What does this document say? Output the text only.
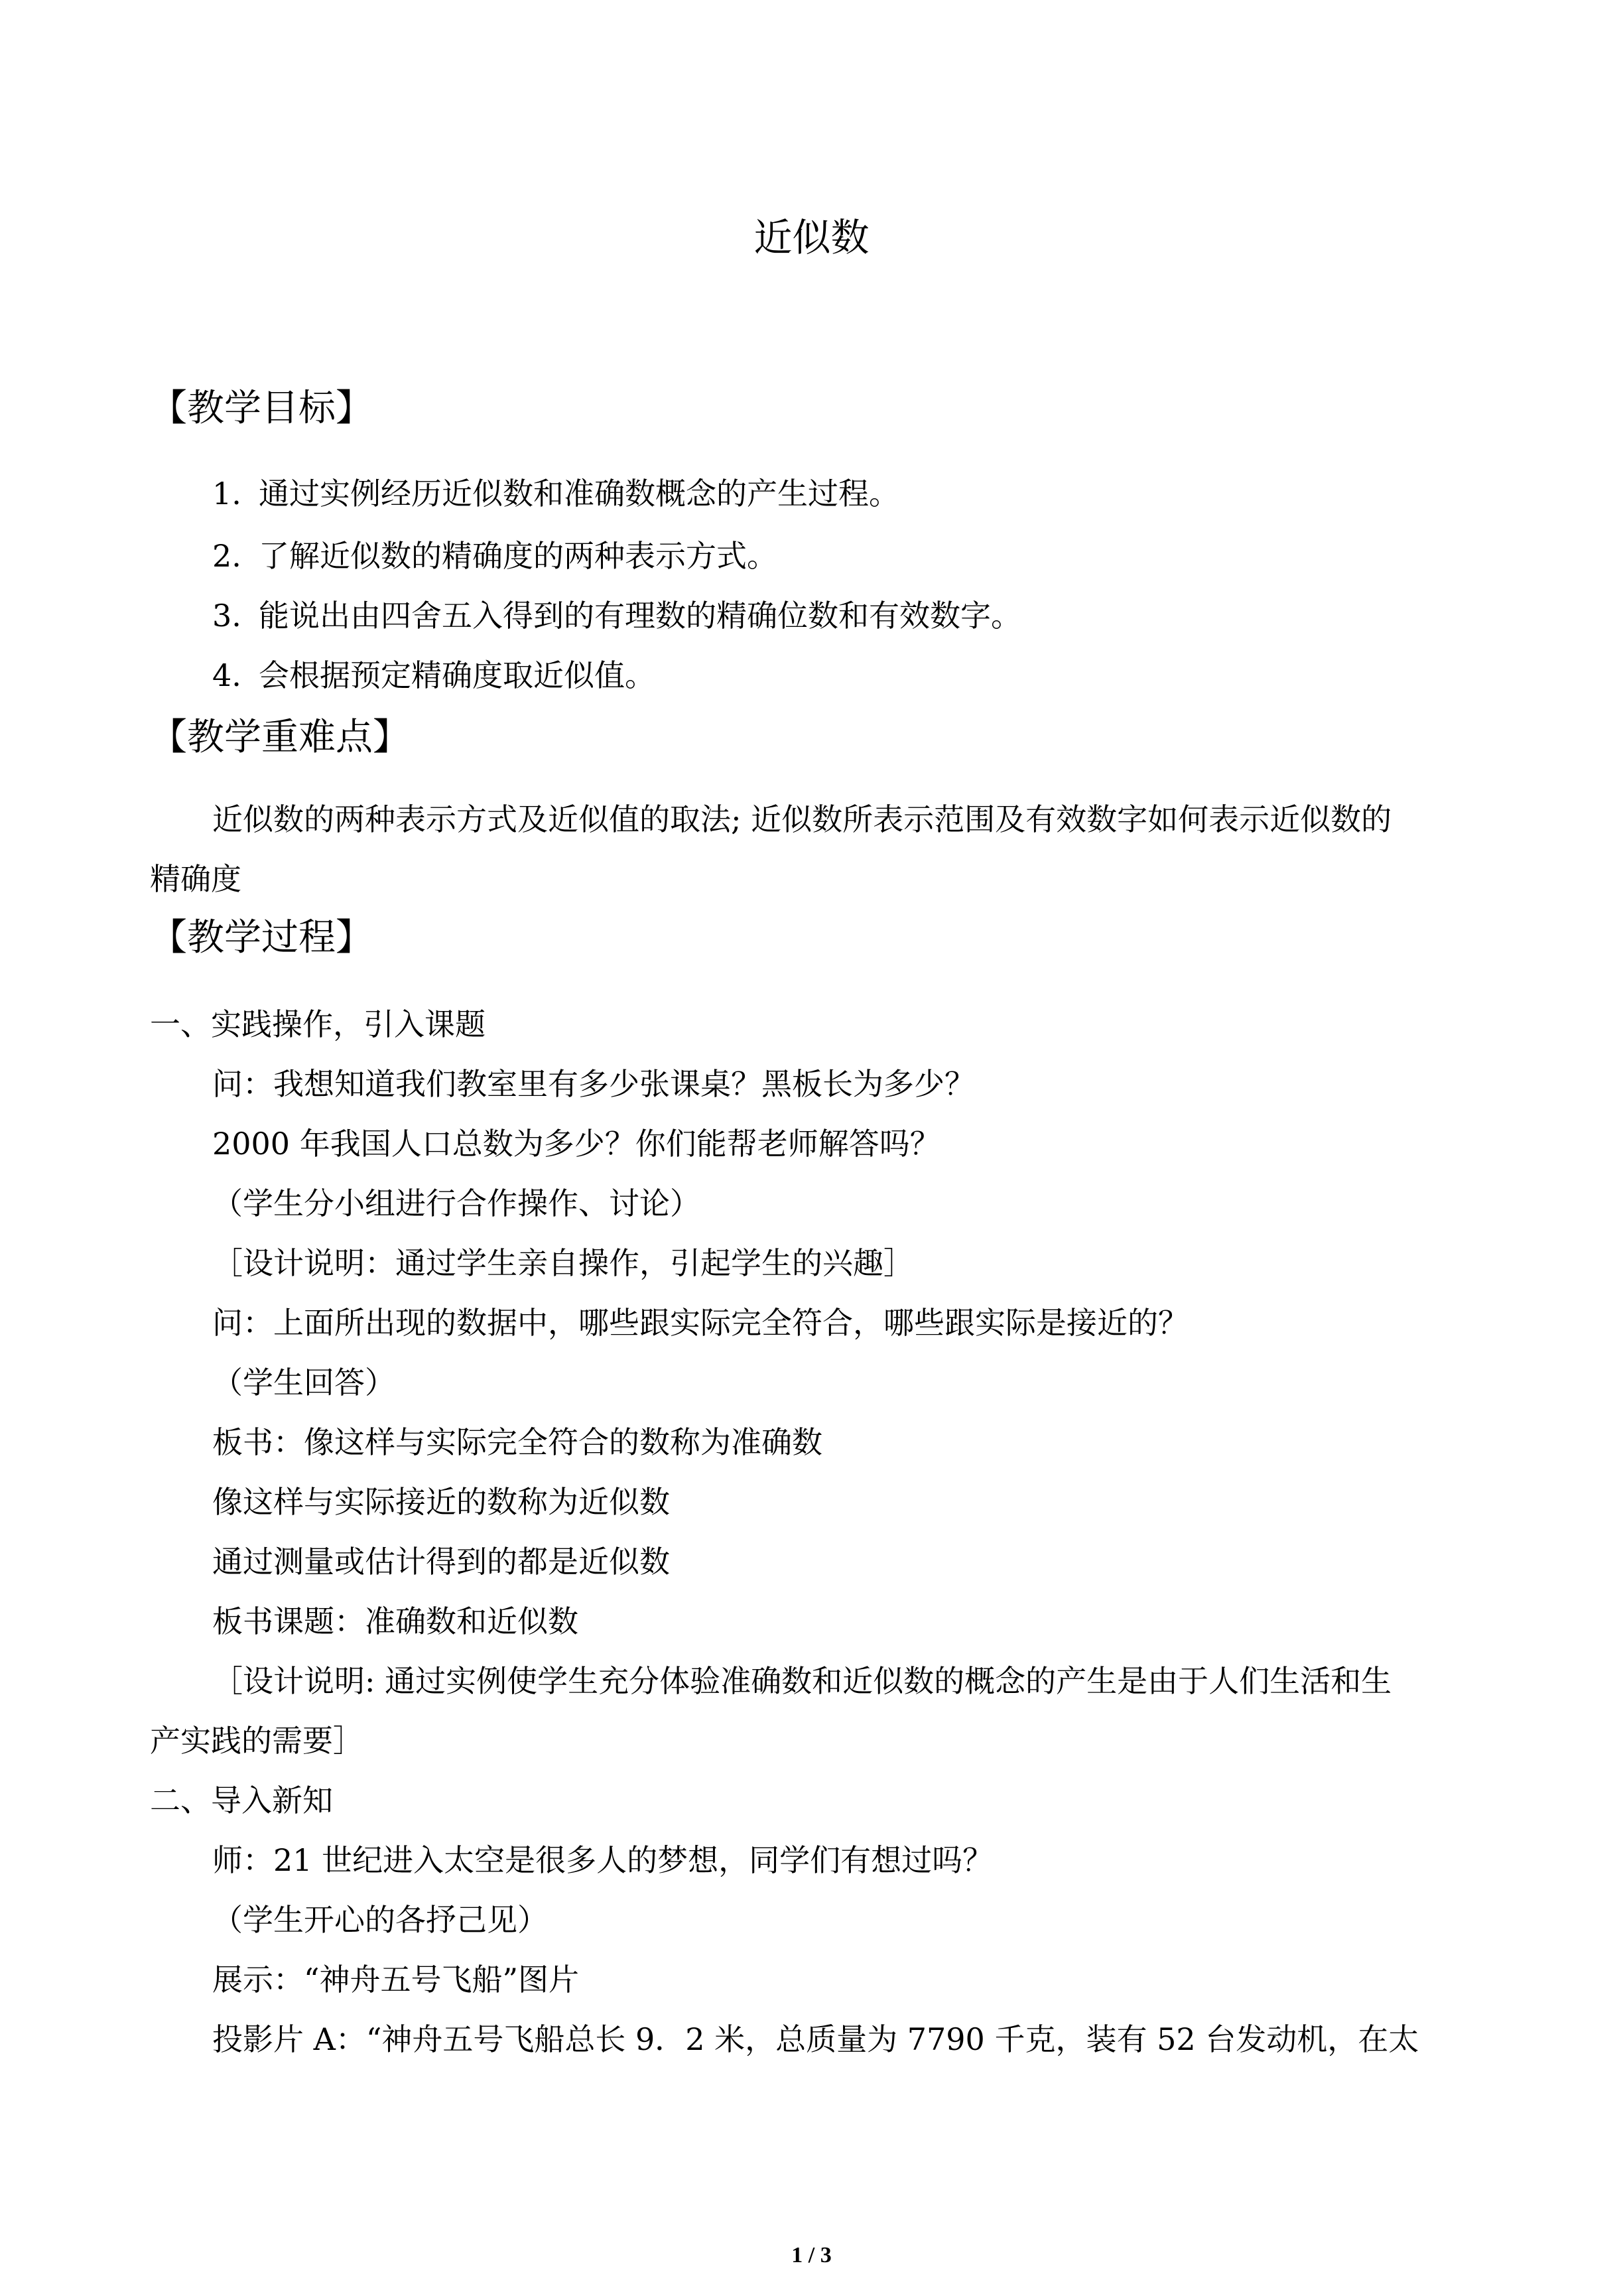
近似数
【教学目标】
1. 通过实例经历近似数和准确数概念的产生过程。
2. 了解近似数的精确度的两种表示方式。
3. 能说出由四舍五入得到的有理数的精确位数和有效数字。
4. 会根据预定精确度取近似值。
【教学重难点】
近似数的两种表示方式及近似值的取法; 近似数所表示范围及有效数字如何表示近似数的
精确度
【教学过程】
一、实践操作，引入课题
问：我想知道我们教室里有多少张课桌？黑板长为多少？
2000 年我国人口总数为多少？你们能帮老师解答吗？
（学生分小组进行合作操作、讨论）
［设计说明：通过学生亲自操作，引起学生的兴趣］
问：上面所出现的数据中，哪些跟实际完全符合，哪些跟实际是接近的？
（学生回答）
板书：像这样与实际完全符合的数称为准确数
像这样与实际接近的数称为近似数
通过测量或估计得到的都是近似数
板书课题：准确数和近似数
［设计说明: 通过实例使学生充分体验准确数和近似数的概念的产生是由于人们生活和生
产实践的需要］
二、导入新知
师：21 世纪进入太空是很多人的梦想，同学们有想过吗？
（学生开心的各抒己见）
展示：“神舟五号飞船”图片
投影片 A：“神舟五号飞船总长 9．2 米，总质量为 7790 千克，装有 52 台发动机，在太
1 / 3
